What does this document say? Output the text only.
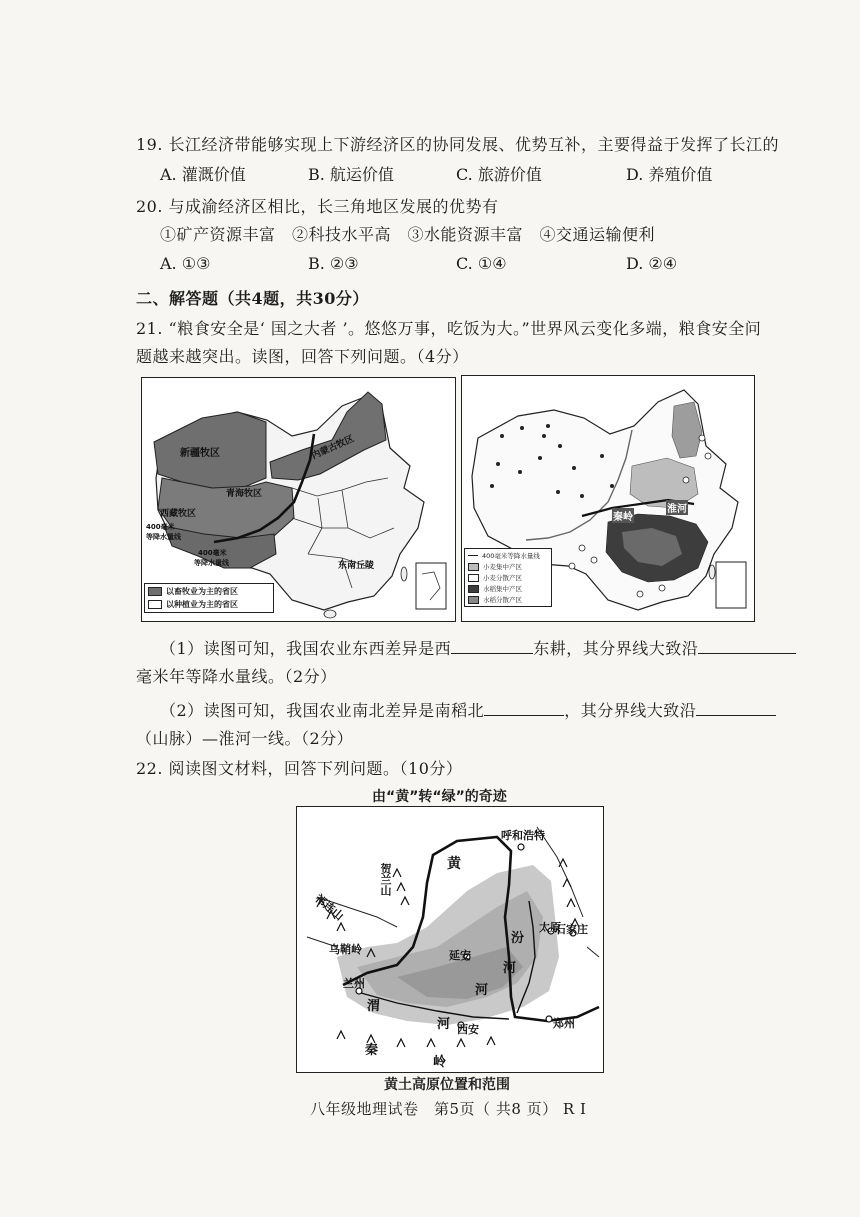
19. 长江经济带能够实现上下游经济区的协同发展、优势互补，主要得益于发挥了长江的
A. 灌溉价值	B. 航运价值	C. 旅游价值	D. 养殖价值
20. 与成渝经济区相比，长三角地区发展的优势有
①矿产资源丰富　②科技水平高　③水能资源丰富　④交通运输便利
A. ①③	B. ②③	C. ①④	D. ②④
二、解答题（共4题，共30分）
21. “粮食安全是‘ 国之大者 ’。悠悠万事，吃饭为大。”世界风云变化多端，粮食安全问
题越来越突出。读图，回答下列问题。（4分）
新疆牧区	内蒙古牧区
青海牧区
西藏牧区
东南丘陵
400毫米
等降水量线
400毫米
等降水量线
以畜牧业为主的省区
以种植业为主的省区
秦岭
淮河
400毫米等降水量线
小麦集中产区
小麦分散产区
水稻集中产区
水稻分散产区
（1）读图可知，我国农业东西差异是西	东耕，其分界线大致沿
毫米年等降水量线。（2分）
（2）读图可知，我国农业南北差异是南稻北	，其分界线大致沿
（山脉）—淮河一线。（2分）
22. 阅读图文材料，回答下列问题。（10分）
由“黄”转“绿”的奇迹
呼和浩特
黄
贺兰山
祁连山
乌鞘岭
兰州
延安
太原
石家庄
汾
河
河
渭
河 西安	郑州
秦
岭
黄土高原位置和范围
八年级地理试卷　第5页（ 共8 页） R I
